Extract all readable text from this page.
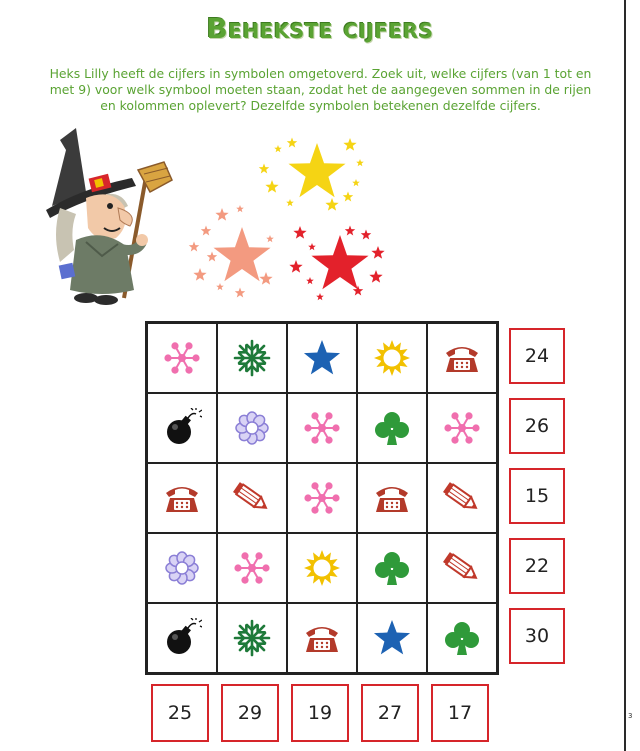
Behekste cijfers

Heks Lilly heeft de cijfers in symbolen omgetoverd. Zoek uit, welke cijfers (van 1 tot en met 9) voor welk symbool moeten staan, zodat het de aangegeven sommen in de rijen en kolommen oplevert? Dezelfde symbolen betekenen dezelfde cijfers.

24
26
15
22
30
25	29	19	27	17	3
